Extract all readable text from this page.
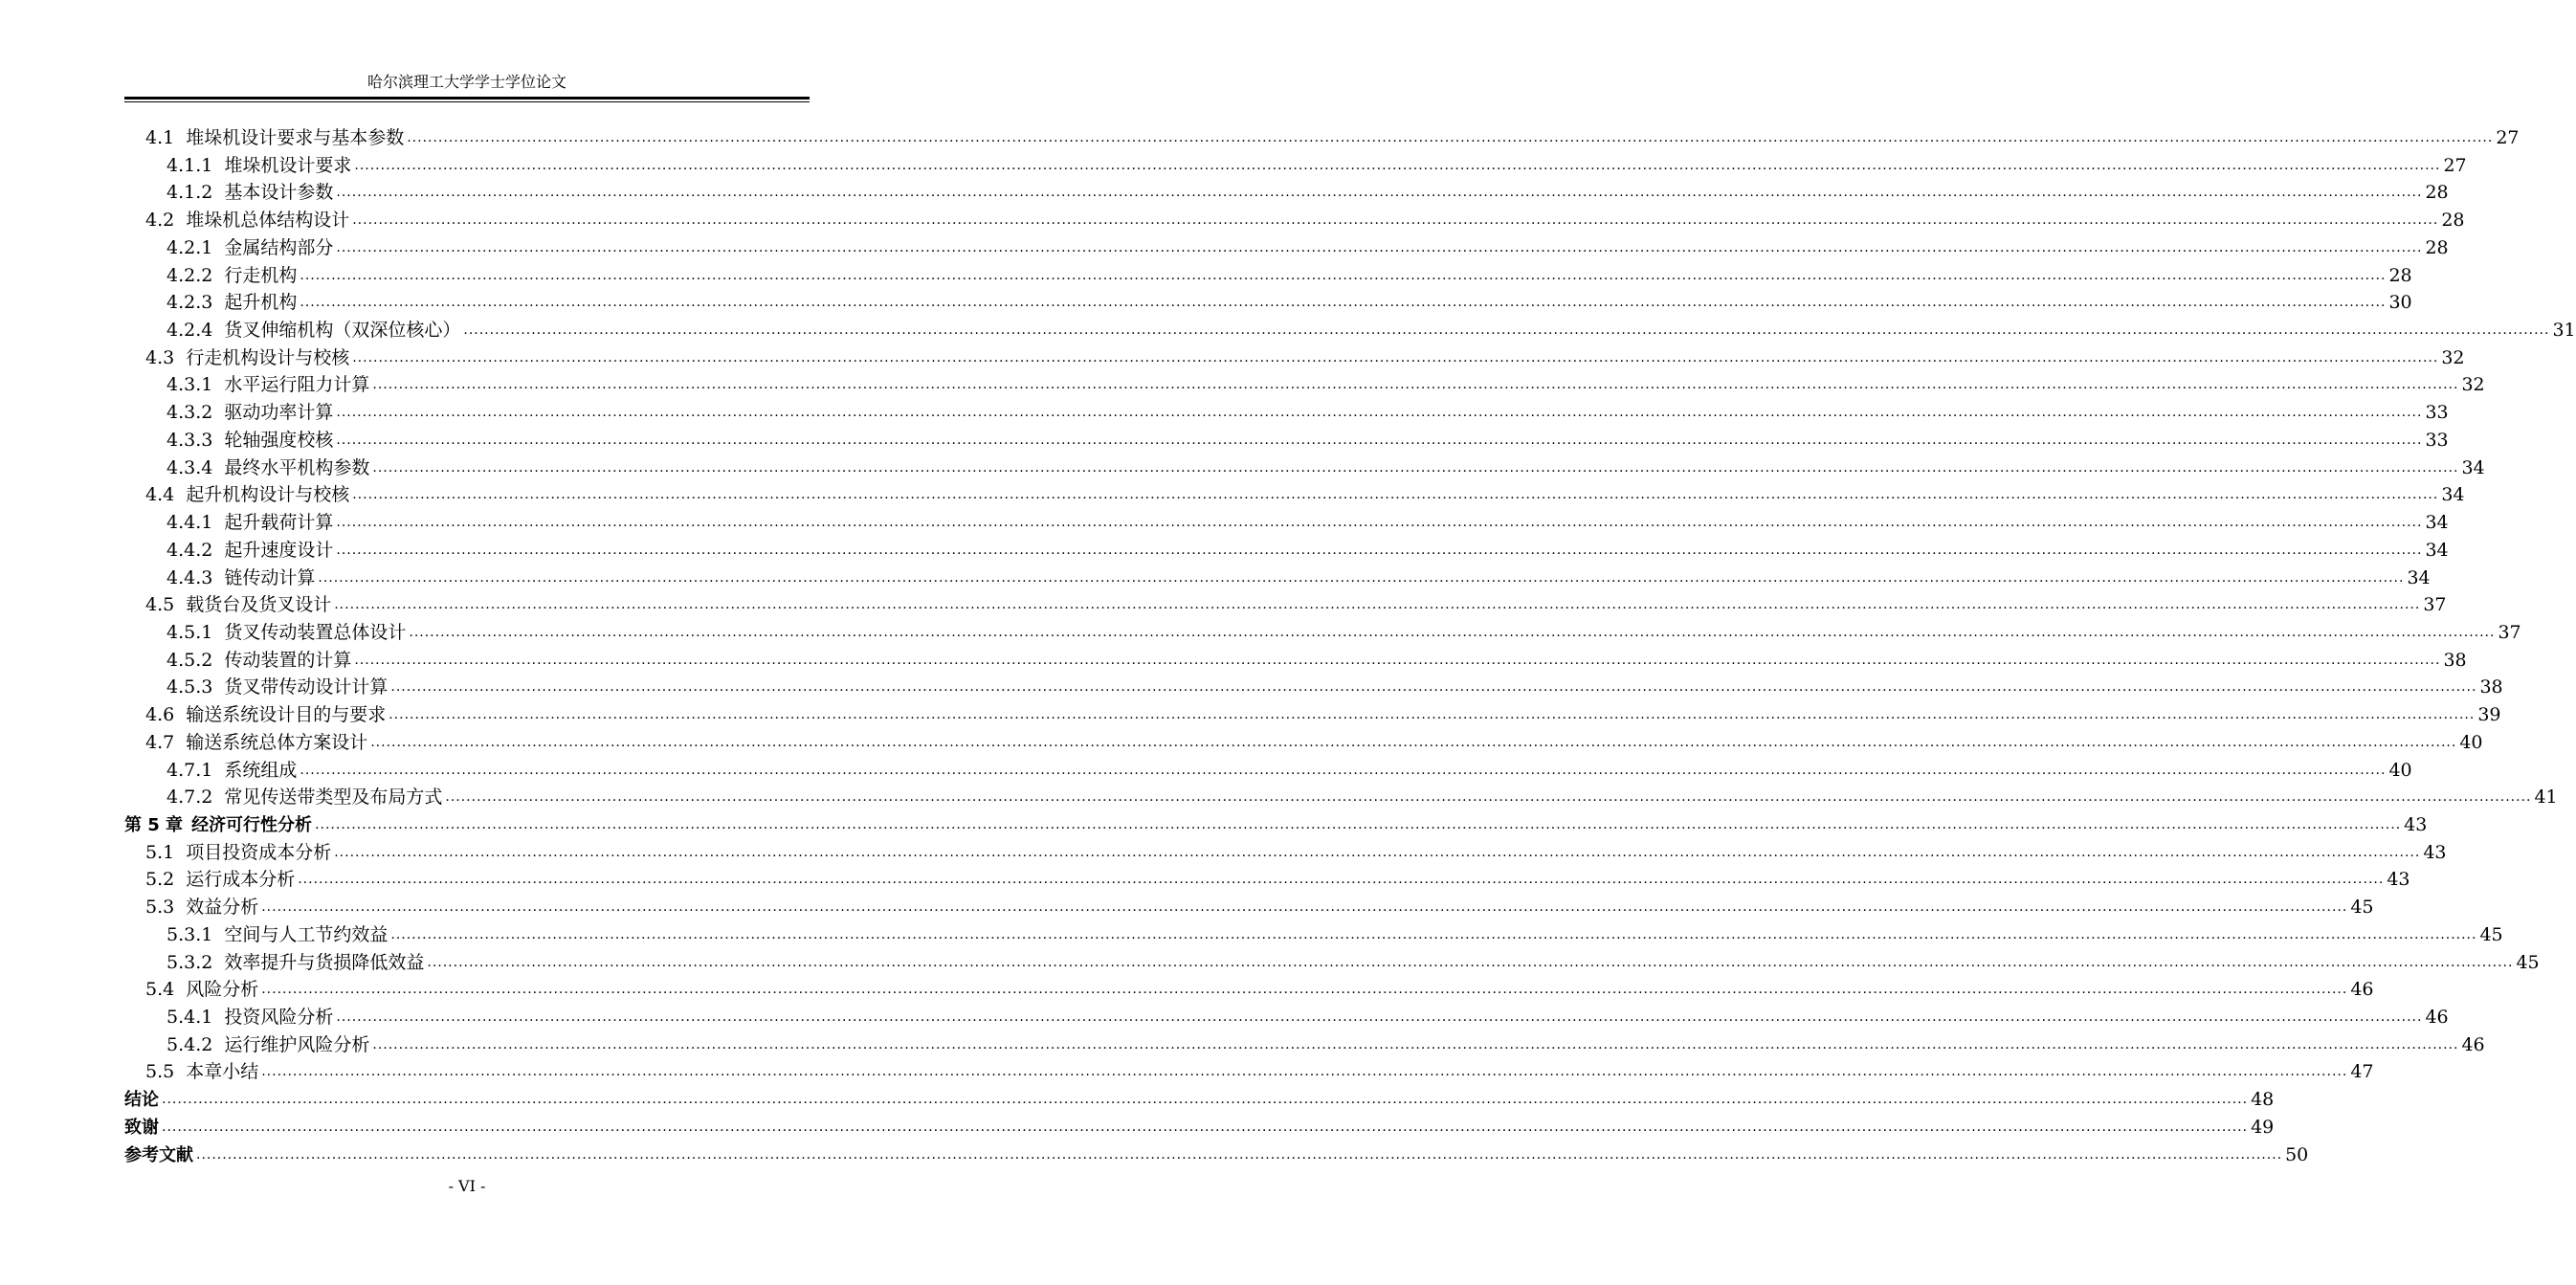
哈尔滨理工大学学士学位论文
4.1 堆垛机设计要求与基本参数 ................................................................................................................................................................................................................................................................................................................................................................................................................ 27
4.1.1 堆垛机设计要求 ................................................................................................................................................................................................................................................................................................................................................................................................................ 27
4.1.2 基本设计参数 ................................................................................................................................................................................................................................................................................................................................................................................................................ 28
4.2 堆垛机总体结构设计 ................................................................................................................................................................................................................................................................................................................................................................................................................ 28
4.2.1 金属结构部分 ................................................................................................................................................................................................................................................................................................................................................................................................................ 28
4.2.2 行走机构 ................................................................................................................................................................................................................................................................................................................................................................................................................ 28
4.2.3 起升机构 ................................................................................................................................................................................................................................................................................................................................................................................................................ 30
4.2.4 货叉伸缩机构（双深位核心） ................................................................................................................................................................................................................................................................................................................................................................................................................ 31
4.3 行走机构设计与校核 ................................................................................................................................................................................................................................................................................................................................................................................................................ 32
4.3.1 水平运行阻力计算 ................................................................................................................................................................................................................................................................................................................................................................................................................ 32
4.3.2 驱动功率计算 ................................................................................................................................................................................................................................................................................................................................................................................................................ 33
4.3.3 轮轴强度校核 ................................................................................................................................................................................................................................................................................................................................................................................................................ 33
4.3.4 最终水平机构参数 ................................................................................................................................................................................................................................................................................................................................................................................................................ 34
4.4 起升机构设计与校核 ................................................................................................................................................................................................................................................................................................................................................................................................................ 34
4.4.1 起升载荷计算 ................................................................................................................................................................................................................................................................................................................................................................................................................ 34
4.4.2 起升速度设计 ................................................................................................................................................................................................................................................................................................................................................................................................................ 34
4.4.3 链传动计算 ................................................................................................................................................................................................................................................................................................................................................................................................................ 34
4.5 载货台及货叉设计 ................................................................................................................................................................................................................................................................................................................................................................................................................ 37
4.5.1 货叉传动装置总体设计 ................................................................................................................................................................................................................................................................................................................................................................................................................ 37
4.5.2 传动装置的计算 ................................................................................................................................................................................................................................................................................................................................................................................................................ 38
4.5.3 货叉带传动设计计算 ................................................................................................................................................................................................................................................................................................................................................................................................................ 38
4.6 输送系统设计目的与要求 ................................................................................................................................................................................................................................................................................................................................................................................................................ 39
4.7 输送系统总体方案设计 ................................................................................................................................................................................................................................................................................................................................................................................................................ 40
4.7.1 系统组成 ................................................................................................................................................................................................................................................................................................................................................................................................................ 40
4.7.2 常见传送带类型及布局方式 ................................................................................................................................................................................................................................................................................................................................................................................................................ 41
第 5 章 经济可行性分析 ................................................................................................................................................................................................................................................................................................................................................................................................................ 43
5.1 项目投资成本分析 ................................................................................................................................................................................................................................................................................................................................................................................................................ 43
5.2 运行成本分析 ................................................................................................................................................................................................................................................................................................................................................................................................................ 43
5.3 效益分析 ................................................................................................................................................................................................................................................................................................................................................................................................................ 45
5.3.1 空间与人工节约效益 ................................................................................................................................................................................................................................................................................................................................................................................................................ 45
5.3.2 效率提升与货损降低效益 ................................................................................................................................................................................................................................................................................................................................................................................................................ 45
5.4 风险分析 ................................................................................................................................................................................................................................................................................................................................................................................................................ 46
5.4.1 投资风险分析 ................................................................................................................................................................................................................................................................................................................................................................................................................ 46
5.4.2 运行维护风险分析 ................................................................................................................................................................................................................................................................................................................................................................................................................ 46
5.5 本章小结 ................................................................................................................................................................................................................................................................................................................................................................................................................ 47
结论 ................................................................................................................................................................................................................................................................................................................................................................................................................ 48
致谢 ................................................................................................................................................................................................................................................................................................................................................................................................................ 49
参考文献 ................................................................................................................................................................................................................................................................................................................................................................................................................ 50
- VI -
